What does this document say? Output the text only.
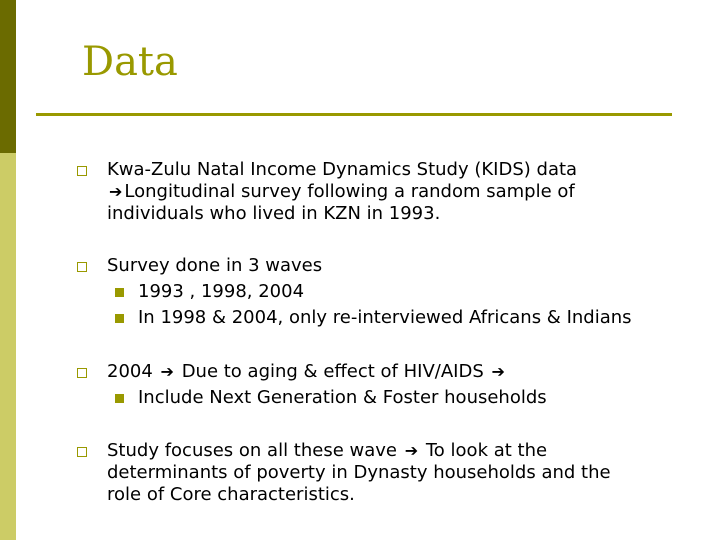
Data
Kwa-Zulu Natal Income Dynamics Study (KIDS) data
➔ Longitudinal survey following a random sample of
individuals who lived in KZN in 1993.
Survey done in 3 waves
1993 , 1998, 2004
In 1998 & 2004, only re-interviewed Africans & Indians
2004 ➔ Due to aging & effect of HIV/AIDS ➔
Include Next Generation & Foster households
Study focuses on all these wave ➔ To look at the
determinants of poverty in Dynasty households and the
role of Core characteristics.
